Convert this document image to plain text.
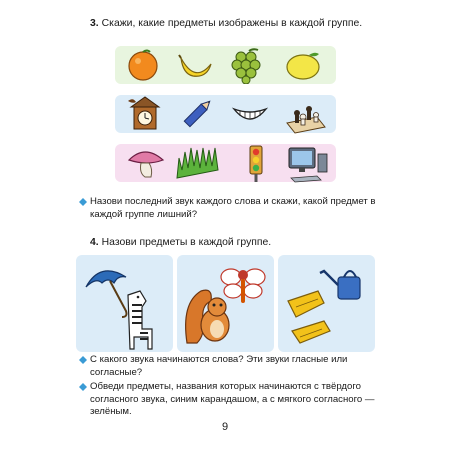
3. Скажи, какие предметы изображены в каждой группе.
Назови последний звук каждого слова и скажи, какой предмет в каждой группе лишний?
4. Назови предметы в каждой группе.
С какого звука начинаются слова? Эти звуки гласные или согласные?
Обведи предметы, названия которых начинаются с твёрдого согласного звука, синим карандашом, а с мягкого согласного — зелёным.
9
